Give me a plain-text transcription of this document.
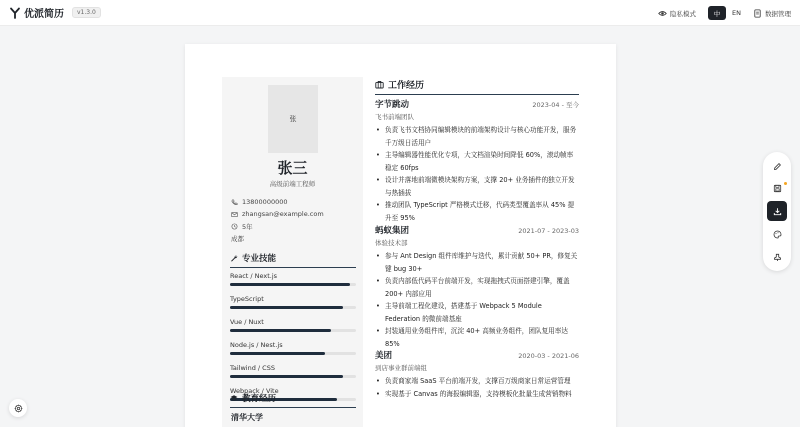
优派简历	v1.3.0	隐私模式	中	EN	数据管理
张
张三
高级前端工程师
13800000000
zhangsan@example.com
5年
成都
专业技能
React / Next.js
TypeScript
Vue / Nuxt
Node.js / Nest.js
Tailwind / CSS
Webpack / Vite
教育经历
清华大学
工作经历
字节跳动	2023-04 - 至今
飞书前端团队
• 负责飞书文档协同编辑模块的前端架构设计与核心功能开发，服务千万级日活用户
• 主导编辑器性能优化专项，大文档渲染时间降低 60%，滚动帧率稳定 60fps
• 设计并落地前端微模块架构方案，支撑 20+ 业务插件的独立开发与热插拔
• 推动团队 TypeScript 严格模式迁移，代码类型覆盖率从 45% 提升至 95%
蚂蚁集团	2021-07 - 2023-03
体验技术部
• 参与 Ant Design 组件库维护与迭代，累计贡献 50+ PR，修复关键 bug 30+
• 负责内部低代码平台前端开发，实现拖拽式页面搭建引擎，覆盖 200+ 内部应用
• 主导前端工程化建设，搭建基于 Webpack 5 Module Federation 的微前端基座
• 封装通用业务组件库，沉淀 40+ 高频业务组件，团队复用率达 85%
美团	2020-03 - 2021-06
到店事业群前端组
• 负责商家端 SaaS 平台前端开发，支撑百万级商家日常运营管理
• 实现基于 Canvas 的海报编辑器，支持模板化批量生成营销物料
